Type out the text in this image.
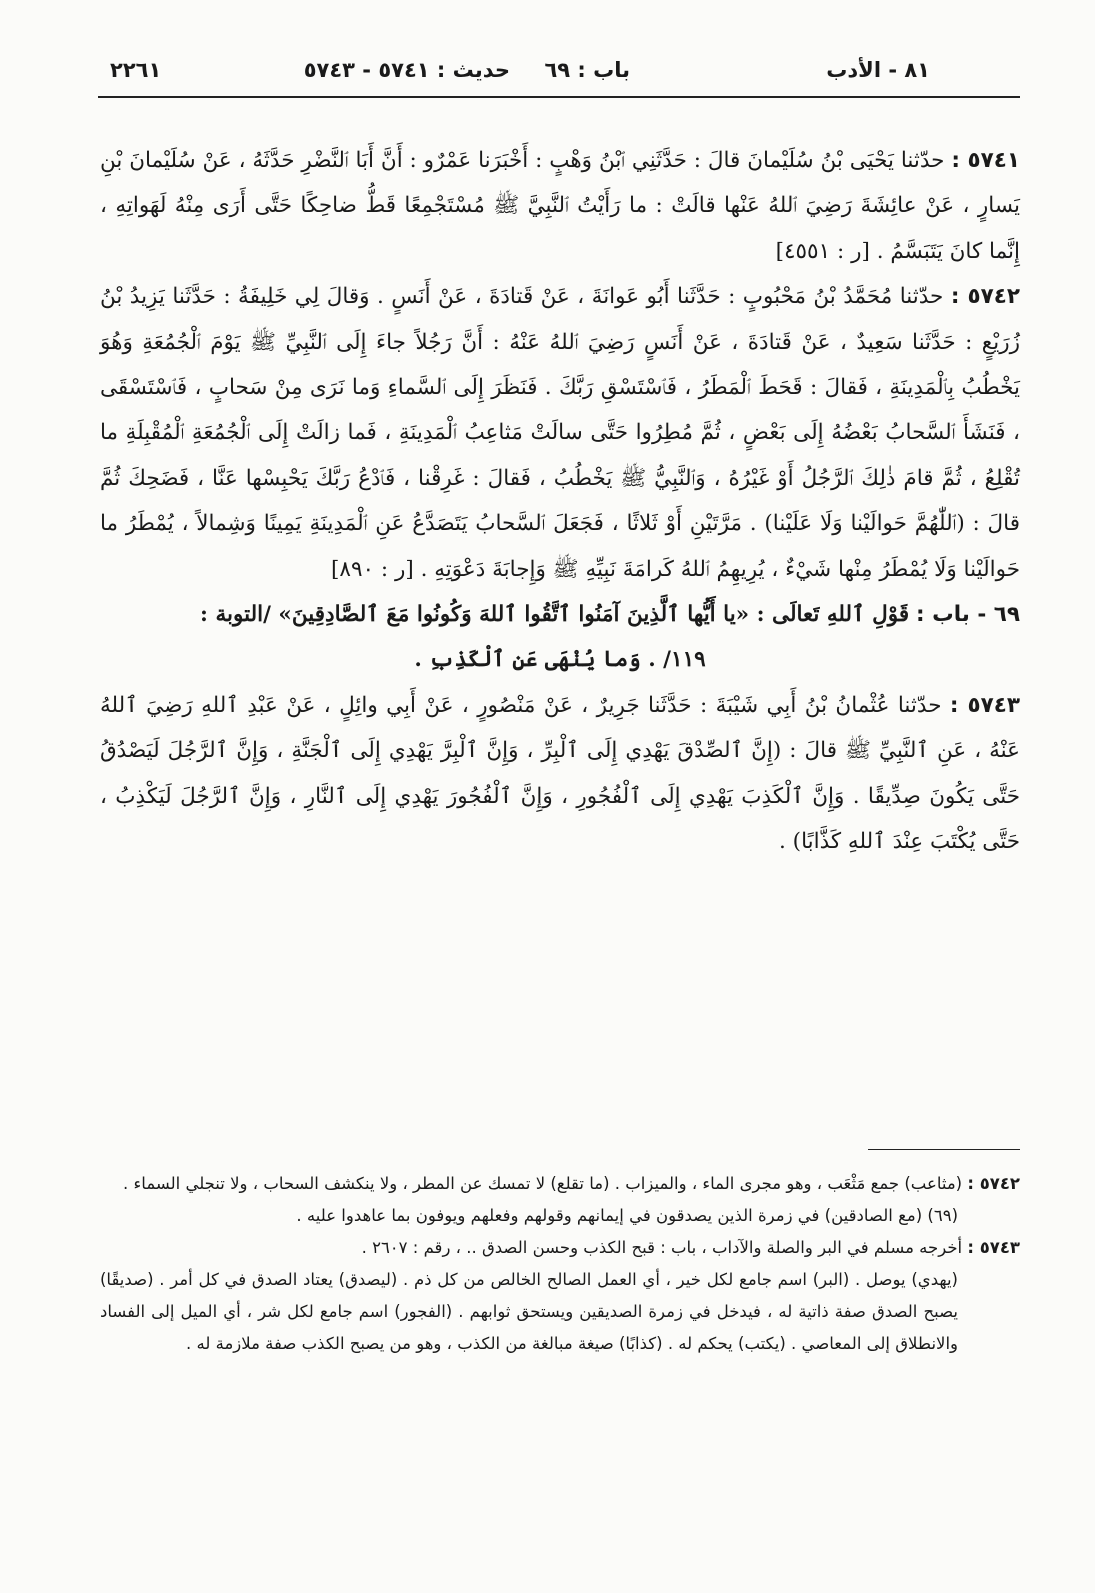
٨١ - الأدب
باب : ٦٩
حديث : ٥٧٤١ - ٥٧٤٣
٢٢٦١

٥٧٤١ : حدّثنا يَحْيَى بْنُ سُلَيْمانَ قالَ : حَدَّثَنِي ٱبْنُ وَهْبٍ : أَخْبَرَنا عَمْرٌو : أَنَّ أَبَا ٱلنَّضْرِ حَدَّثَهُ ، عَنْ سُلَيْمانَ بْنِ يَسارٍ ، عَنْ عائِشَةَ رَضِيَ ٱللهُ عَنْها قالَتْ : ما رَأَيْتُ ٱلنَّبِيَّ ﷺ مُسْتَجْمِعًا قَطُّ ضاحِكًا حَتَّى أَرَى مِنْهُ لَهَواتِهِ ، إِنَّما كانَ يَتَبَسَّمُ . [ر : ٤٥٥١]

٥٧٤٢ : حدّثنا مُحَمَّدُ بْنُ مَحْبُوبٍ : حَدَّثَنا أَبُو عَوانَةَ ، عَنْ قَتادَةَ ، عَنْ أَنَسٍ . وَقالَ لِي خَلِيفَةُ : حَدَّثَنا يَزِيدُ بْنُ زُرَيْعٍ : حَدَّثَنا سَعِيدٌ ، عَنْ قَتادَةَ ، عَنْ أَنَسٍ رَضِيَ ٱللهُ عَنْهُ : أَنَّ رَجُلاً جاءَ إِلَى ٱلنَّبِيِّ ﷺ يَوْمَ ٱلْجُمُعَةِ وَهُوَ يَخْطُبُ بِٱلْمَدِينَةِ ، فَقالَ : قَحَطَ ٱلْمَطَرُ ، فَٱسْتَسْقِ رَبَّكَ . فَنَظَرَ إِلَى ٱلسَّماءِ وَما نَرَى مِنْ سَحابٍ ، فَٱسْتَسْقَى ، فَنَشَأَ ٱلسَّحابُ بَعْضُهُ إِلَى بَعْضٍ ، ثُمَّ مُطِرُوا حَتَّى سالَتْ مَثاعِبُ ٱلْمَدِينَةِ ، فَما زالَتْ إِلَى ٱلْجُمُعَةِ ٱلْمُقْبِلَةِ ما تُقْلِعُ ، ثُمَّ قامَ ذٰلِكَ ٱلرَّجُلُ أَوْ غَيْرُهُ ، وَٱلنَّبِيُّ ﷺ يَخْطُبُ ، فَقالَ : غَرِقْنا ، فَٱدْعُ رَبَّكَ يَحْبِسْها عَنَّا ، فَضَحِكَ ثُمَّ قالَ : (ٱللّٰهُمَّ حَوالَيْنا وَلَا عَلَيْنا) . مَرَّتَيْنِ أَوْ ثَلاثًا ، فَجَعَلَ ٱلسَّحابُ يَتَصَدَّعُ عَنِ ٱلْمَدِينَةِ يَمِينًا وَشِمالاً ، يُمْطَرُ ما حَوالَيْنا وَلَا يُمْطَرُ مِنْها شَيْءٌ ، يُرِيهِمُ ٱللهُ كَرامَةَ نَبِيِّهِ ﷺ وَإِجابَةَ دَعْوَتِهِ . [ر : ٨٩٠]

٦٩ - باب : قَوْلِ ٱللهِ تَعالَى : «يا أَيُّها ٱلَّذِينَ آمَنُوا ٱتَّقُوا ٱللهَ وَكُونُوا مَعَ ٱلصَّادِقِينَ» /التوبة :

١١٩/ . وَما يُنْهَى عَنِ ٱلْكَذِبِ .

٥٧٤٣ : حدّثنا عُثْمانُ بْنُ أَبِي شَيْبَةَ : حَدَّثَنا جَرِيرٌ ، عَنْ مَنْصُورٍ ، عَنْ أَبِي وائِلٍ ، عَنْ عَبْدِ ٱللهِ رَضِيَ ٱللهُ عَنْهُ ، عَنِ ٱلنَّبِيِّ ﷺ قالَ : (إِنَّ ٱلصِّدْقَ يَهْدِي إِلَى ٱلْبِرِّ ، وَإِنَّ ٱلْبِرَّ يَهْدِي إِلَى ٱلْجَنَّةِ ، وَإِنَّ ٱلرَّجُلَ لَيَصْدُقُ حَتَّى يَكُونَ صِدِّيقًا . وَإِنَّ ٱلْكَذِبَ يَهْدِي إِلَى ٱلْفُجُورِ ، وَإِنَّ ٱلْفُجُورَ يَهْدِي إِلَى ٱلنَّارِ ، وَإِنَّ ٱلرَّجُلَ لَيَكْذِبُ ، حَتَّى يُكْتَبَ عِنْدَ ٱللهِ كَذَّابًا) .

٥٧٤٢ : (مثاعب) جمع مَثْعَب ، وهو مجرى الماء ، والميزاب . (ما تقلع) لا تمسك عن المطر ، ولا ينكشف السحاب ، ولا تنجلي السماء .

(٦٩) (مع الصادقين) في زمرة الذين يصدقون في إيمانهم وقولهم وفعلهم ويوفون بما عاهدوا عليه .

٥٧٤٣ : أخرجه مسلم في البر والصلة والآداب ، باب : قبح الكذب وحسن الصدق .. ، رقم : ٢٦٠٧ .

(يهدي) يوصل . (البر) اسم جامع لكل خير ، أي العمل الصالح الخالص من كل ذم . (ليصدق) يعتاد الصدق في كل أمر . (صديقًا) يصبح الصدق صفة ذاتية له ، فيدخل في زمرة الصديقين ويستحق ثوابهم . (الفجور) اسم جامع لكل شر ، أي الميل إلى الفساد والانطلاق إلى المعاصي . (يكتب) يحكم له . (كذابًا) صيغة مبالغة من الكذب ، وهو من يصبح الكذب صفة ملازمة له .
